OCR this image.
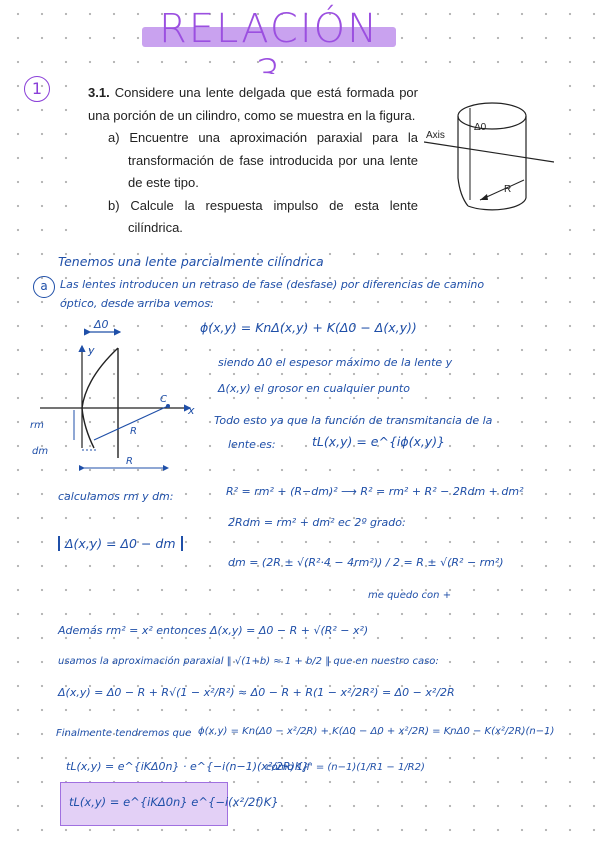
RELACIÓN
1	3.1. Considere una lente delgada que está formada por una porción de un cilindro, como se muestra en la figura.
a) Encuentre una aproximación paraxial para la transformación de fase introducida por una lente de este tipo.
b) Calcule la respuesta impulso de esta lente cilíndrica.
Axis
Δ0
R
Tenemos una lente parcialmente cilíndrica
a	Las lentes introducen un retraso de fase (desfase) por diferencias de camino
óptico, desde arriba vemos:
Δ0
y
x
C
R
rm
dm
R
ϕ(x,y) = KnΔ(x,y) + K(Δ0 − Δ(x,y))
siendo Δ0 el espesor máximo de la lente y
Δ(x,y) el grosor en cualquier punto
Todo esto ya que la función de transmitancia de la
lente es:	tL(x,y) = e^{iϕ(x,y)}
calculamos rm y dm:	R² = rm² + (R−dm)² ⟶ R² = rm² + R² − 2Rdm + dm²
2Rdm = rm² + dm² ec 2º grado:
Δ(x,y) = Δ0 − dm
dm = (2R ± √(R²·4 − 4rm²)) / 2 = R ± √(R² − rm²)
me quedo con +
Además rm² = x² entonces Δ(x,y) = Δ0 − R + √(R² − x²)
usamos la aproximación paraxial ‖ √(1+b) ≈ 1 + b/2 ‖ que en nuestro caso:
Δ(x,y) = Δ0 − R + R√(1 − x²/R²) ≈ Δ0 − R + R(1 − x²/2R²) = Δ0 − x²/2R
Finalmente tendremos que ϕ(x,y) = Kn(Δ0 − x²/2R) + K(Δ0 − Δ0 + x²/2R) = KnΔ0 − K(x²/2R)(n−1)
tL(x,y) = e^{iKΔ0n} · e^{−i(n−1)(x²/2R)K}
como 1/f' = (n−1)(1/R1 − 1/R2)
tL(x,y) = e^{iKΔ0n} e^{−i(x²/2f)K}
